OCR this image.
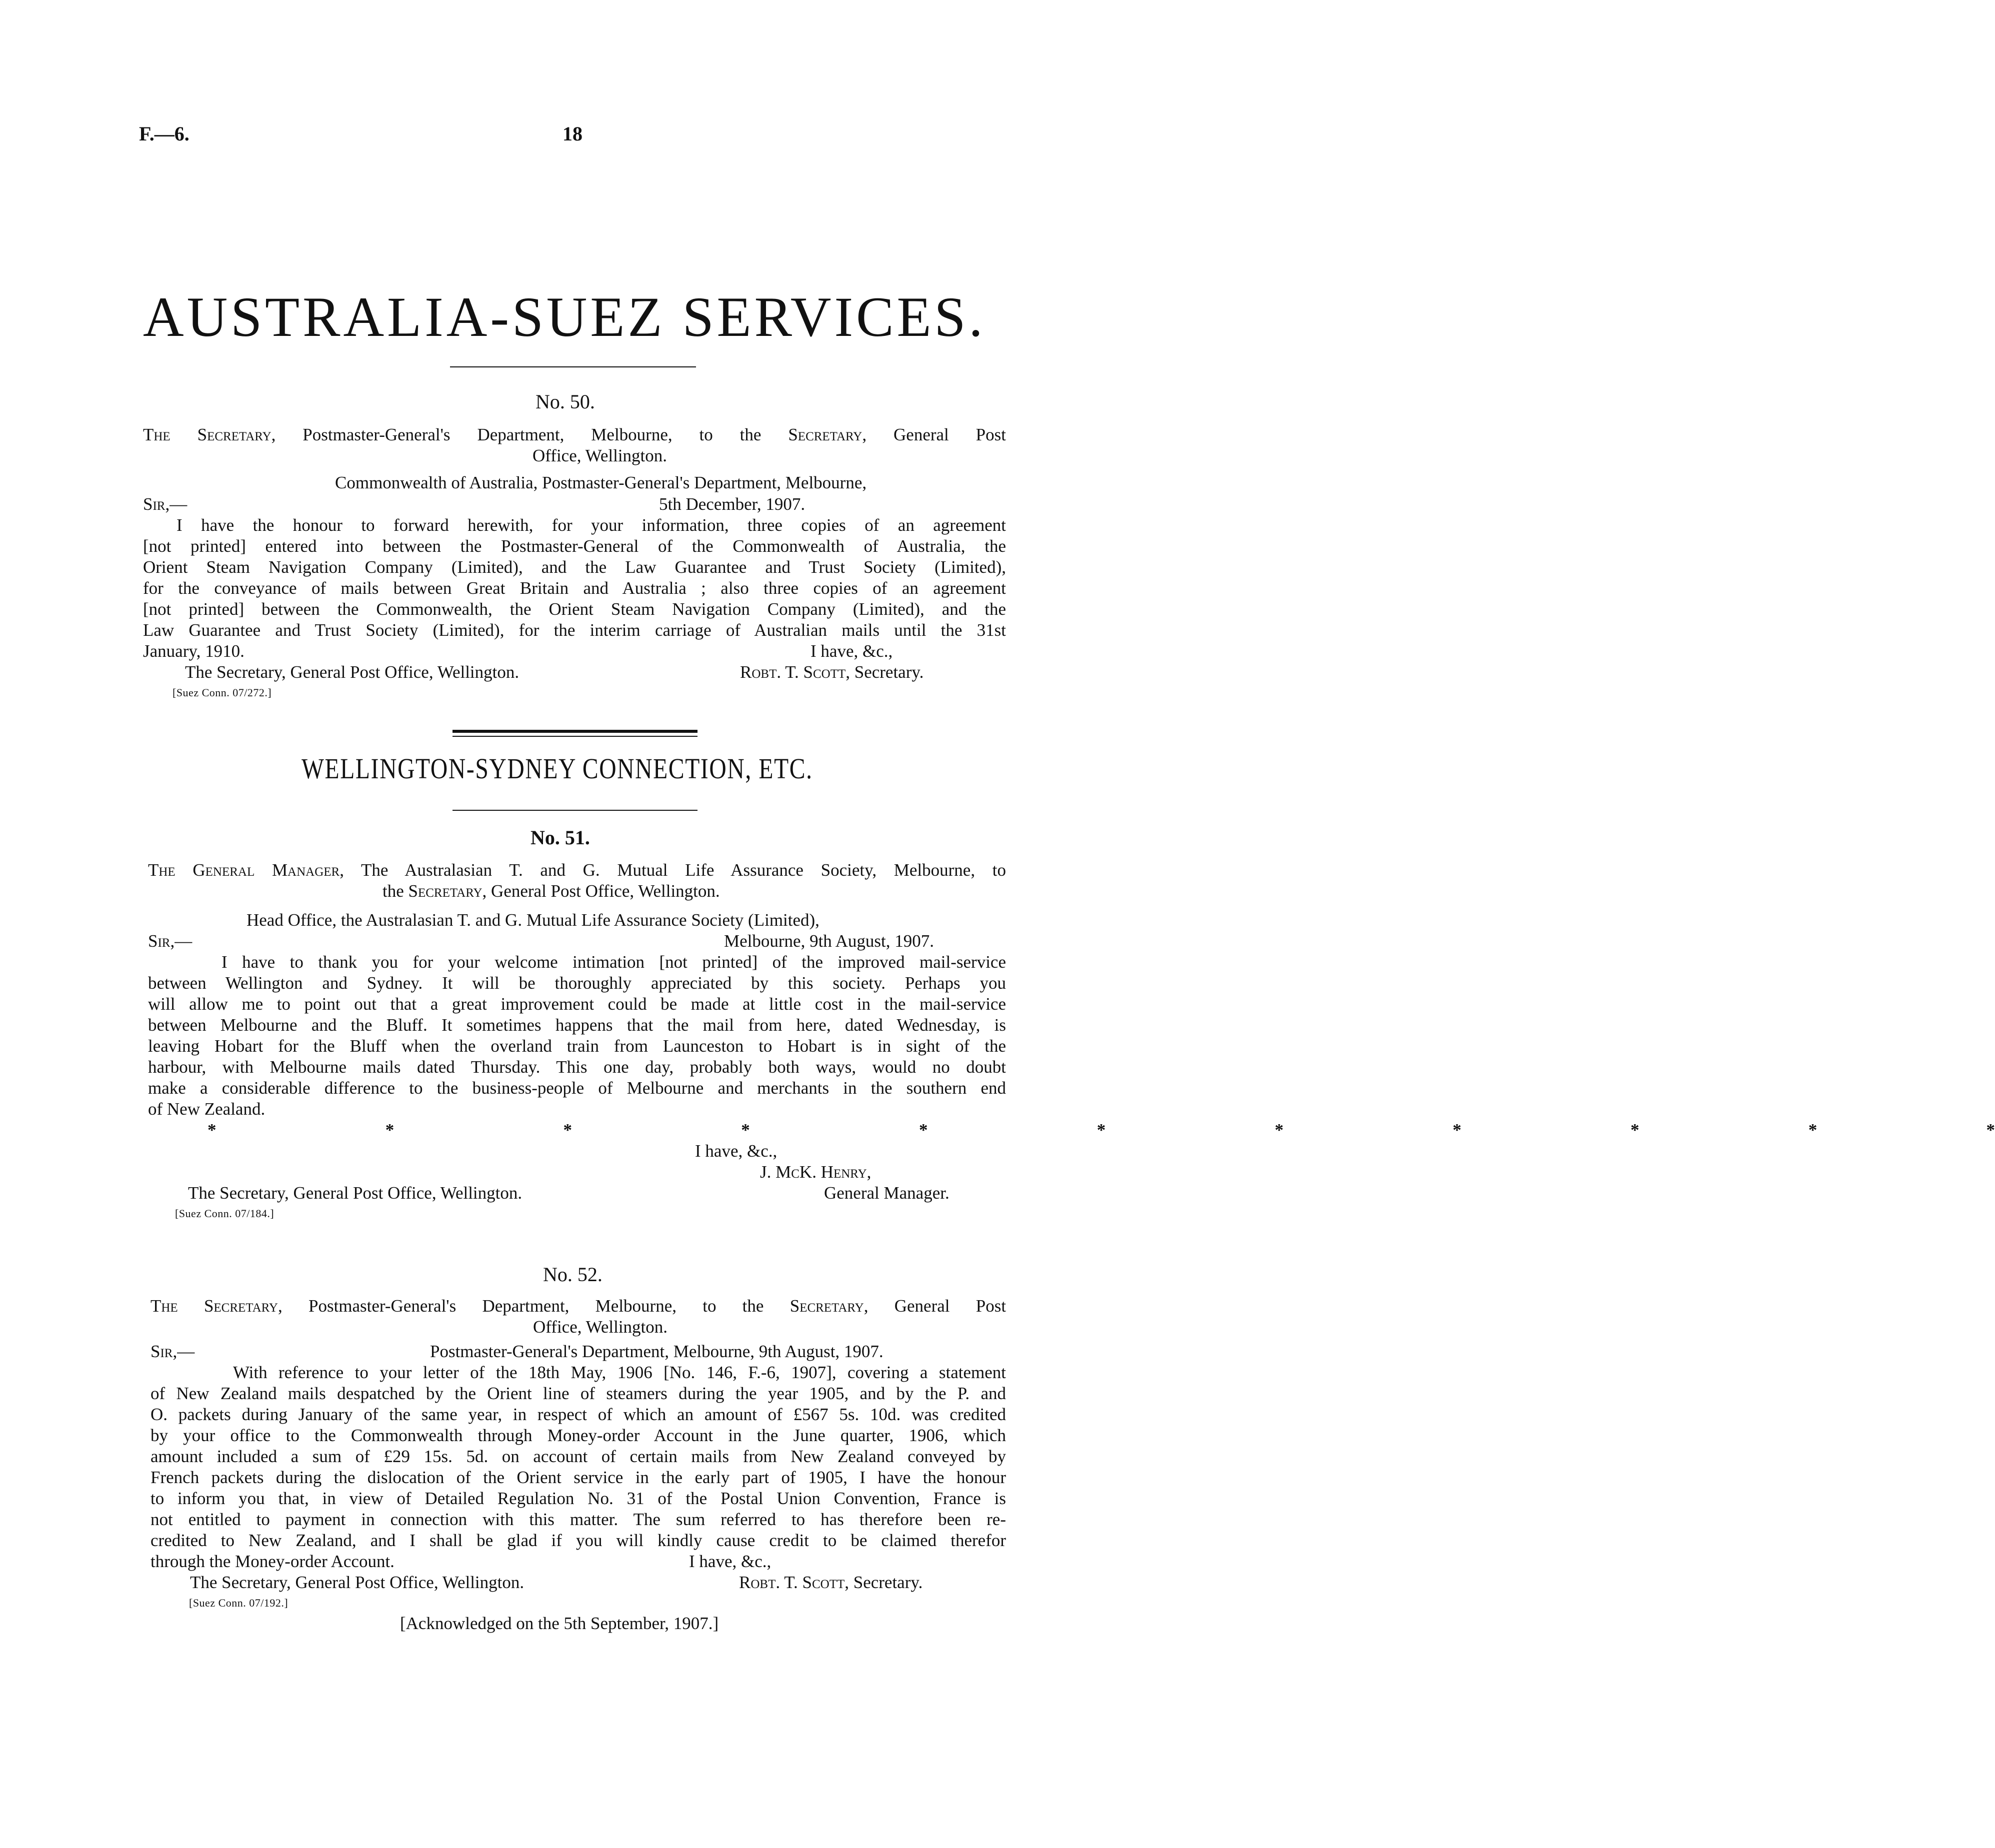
F.—6.	18
AUSTRALIA-SUEZ SERVICES.
No. 50.
The Secretary, Postmaster-General's Department, Melbourne, to the Secretary, General Post
Office, Wellington.
Commonwealth of Australia, Postmaster-General's Department, Melbourne,
Sir,—	5th December, 1907.
I have the honour to forward herewith, for your information, three copies of an agreement
[not printed] entered into between the Postmaster-General of the Commonwealth of Australia, the
Orient Steam Navigation Company (Limited), and the Law Guarantee and Trust Society (Limited),
for the conveyance of mails between Great Britain and Australia ; also three copies of an agreement
[not printed] between the Commonwealth, the Orient Steam Navigation Company (Limited), and the
Law Guarantee and Trust Society (Limited), for the interim carriage of Australian mails until the 31st
January, 1910.	I have, &c.,
The Secretary, General Post Office, Wellington.	Robt. T. Scott, Secretary.
[Suez Conn. 07/272.]
WELLINGTON-SYDNEY CONNECTION, ETC.
No. 51.
The General Manager, The Australasian T. and G. Mutual Life Assurance Society, Melbourne, to
the Secretary, General Post Office, Wellington.
Head Office, the Australasian T. and G. Mutual Life Assurance Society (Limited),
Sir,—	Melbourne, 9th August, 1907.
I have to thank you for your welcome intimation [not printed] of the improved mail-service
between Wellington and Sydney. It will be thoroughly appreciated by this society. Perhaps you
will allow me to point out that a great improvement could be made at little cost in the mail-service
between Melbourne and the Bluff. It sometimes happens that the mail from here, dated Wednesday, is
leaving Hobart for the Bluff when the overland train from Launceston to Hobart is in sight of the
harbour, with Melbourne mails dated Thursday. This one day, probably both ways, would no doubt
make a considerable difference to the business-people of Melbourne and merchants in the southern end
of New Zealand.
*   *   *   *   *   *   *   *   *   *   *
I have, &c.,
J. McK. Henry,
The Secretary, General Post Office, Wellington.	General Manager.
[Suez Conn. 07/184.]
No. 52.
The Secretary, Postmaster-General's Department, Melbourne, to the Secretary, General Post
Office, Wellington.
Sir,—	Postmaster-General's Department, Melbourne, 9th August, 1907.
With reference to your letter of the 18th May, 1906 [No. 146, F.-6, 1907], covering a statement
of New Zealand mails despatched by the Orient line of steamers during the year 1905, and by the P. and
O. packets during January of the same year, in respect of which an amount of £567 5s. 10d. was credited
by your office to the Commonwealth through Money-order Account in the June quarter, 1906, which
amount included a sum of £29 15s. 5d. on account of certain mails from New Zealand conveyed by
French packets during the dislocation of the Orient service in the early part of 1905, I have the honour
to inform you that, in view of Detailed Regulation No. 31 of the Postal Union Convention, France is
not entitled to payment in connection with this matter. The sum referred to has therefore been re-
credited to New Zealand, and I shall be glad if you will kindly cause credit to be claimed therefor
through the Money-order Account.	I have, &c.,
The Secretary, General Post Office, Wellington.	Robt. T. Scott, Secretary.
[Suez Conn. 07/192.]
[Acknowledged on the 5th September, 1907.]
